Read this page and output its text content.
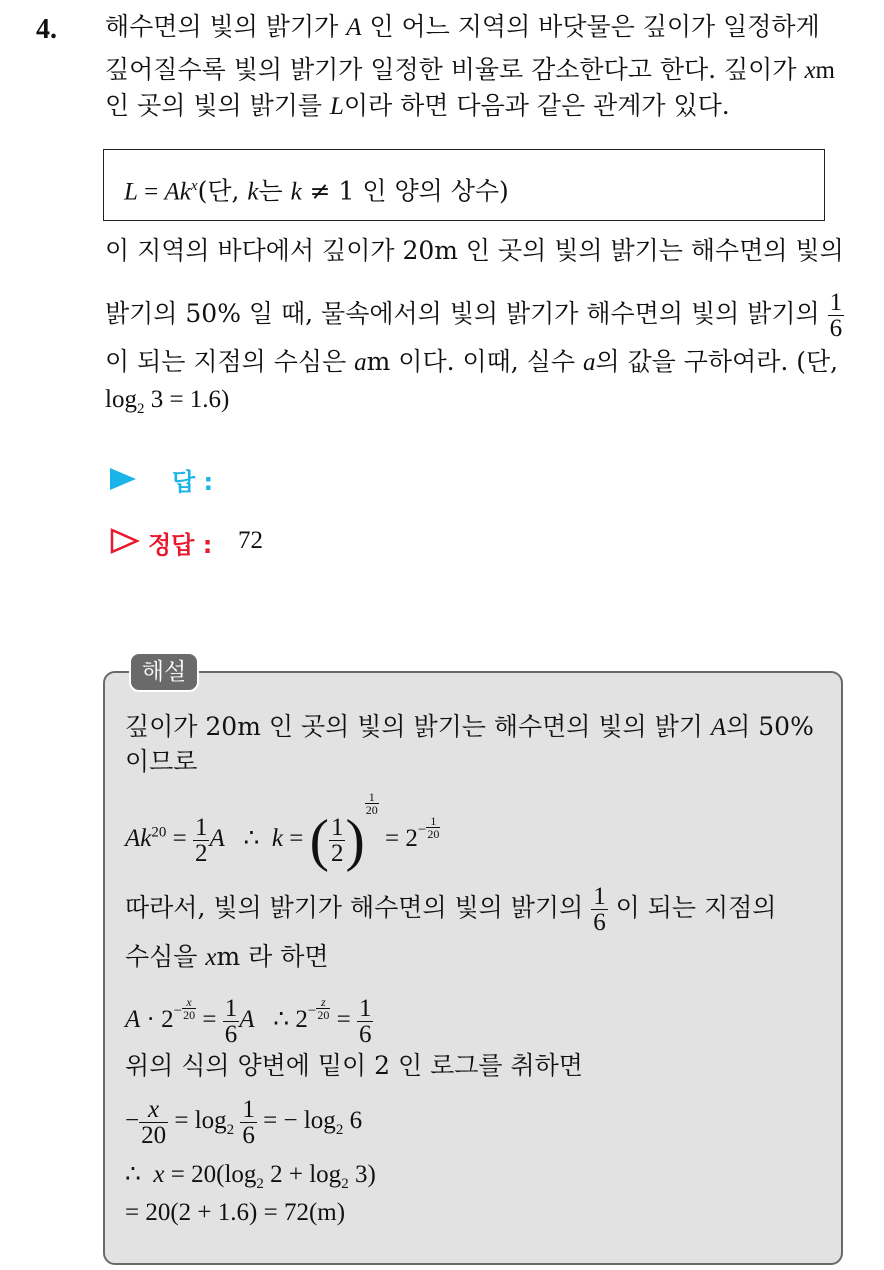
4. 해수면의 빛의 밝기가 A 인 어느 지역의 바닷물은 깊이가 일정하게
깊어질수록 빛의 밝기가 일정한 비율로 감소한다고 한다. 깊이가 xm
인 곳의 빛의 밝기를 L이라 하면 다음과 같은 관계가 있다.
$L = Ak^x$(단, k는 k ≠ 1 인 양의 상수)
이 지역의 바다에서 깊이가 20m 인 곳의 빛의 밝기는 해수면의 빛의
밝기의 50% 일 때, 물속에서의 빛의 밝기가 해수면의 빛의 밝기의 $\frac{1}{6}$
이 되는 지점의 수심은 am 이다. 이때, 실수 a의 값을 구하여라. (단,
$\log_2 3 = 1.6$)
답 :
정답 : 72
해설
깊이가 20m 인 곳의 빛의 밝기는 해수면의 빛의 밝기 A의 50%
이므로
$Ak^{20} = \frac{1}{2}$ A   ∴  k = ( $\frac{1}{2}$ )
$\frac{1}{20}$
= $2^- \frac{1}{20}$
따라서, 빛의 밝기가 해수면의 빛의 밝기의 $\frac{1}{6}$ 이 되는 지점의
수심을 xm 라 하면
$A \cdot 2^- \frac{x}{20} = \frac{1}{6}$ A   ∴ $2^- \frac{z}{20} = \frac{1}{6}$
위의 식의 양변에 밑이 2 인 로그를 취하면
− $\frac{x}{20} = \log_2 \frac{1}{6}$ = − $\log_2 6$
∴  $x = 20(\log_2$ $2 + \log_2 3$)
= 20(2 + 1.6) = 72(m)
